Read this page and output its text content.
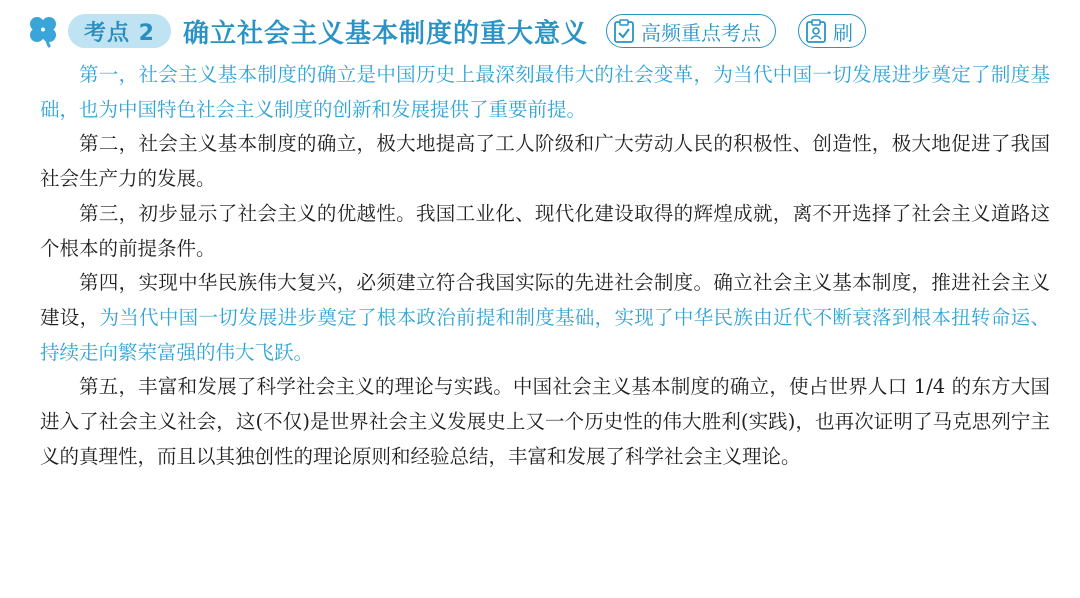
考点 2	确立社会主义基本制度的重大意义	高频重点考点	刷

第一，社会主义基本制度的确立是中国历史上最深刻最伟大的社会变革，为当代中国一切发展进步奠定了制度基础，也为中国特色社会主义制度的创新和发展提供了重要前提。

第二，社会主义基本制度的确立，极大地提高了工人阶级和广大劳动人民的积极性、创造性，极大地促进了我国社会生产力的发展。

第三，初步显示了社会主义的优越性。我国工业化、现代化建设取得的辉煌成就，离不开选择了社会主义道路这个根本的前提条件。

第四，实现中华民族伟大复兴，必须建立符合我国实际的先进社会制度。确立社会主义基本制度，推进社会主义建设，为当代中国一切发展进步奠定了根本政治前提和制度基础，实现了中华民族由近代不断衰落到根本扭转命运、持续走向繁荣富强的伟大飞跃。

第五，丰富和发展了科学社会主义的理论与实践。中国社会主义基本制度的确立，使占世界人口 1/4 的东方大国进入了社会主义社会，这(不仅)是世界社会主义发展史上又一个历史性的伟大胜利(实践)，也再次证明了马克思列宁主义的真理性，而且以其独创性的理论原则和经验总结，丰富和发展了科学社会主义理论。
